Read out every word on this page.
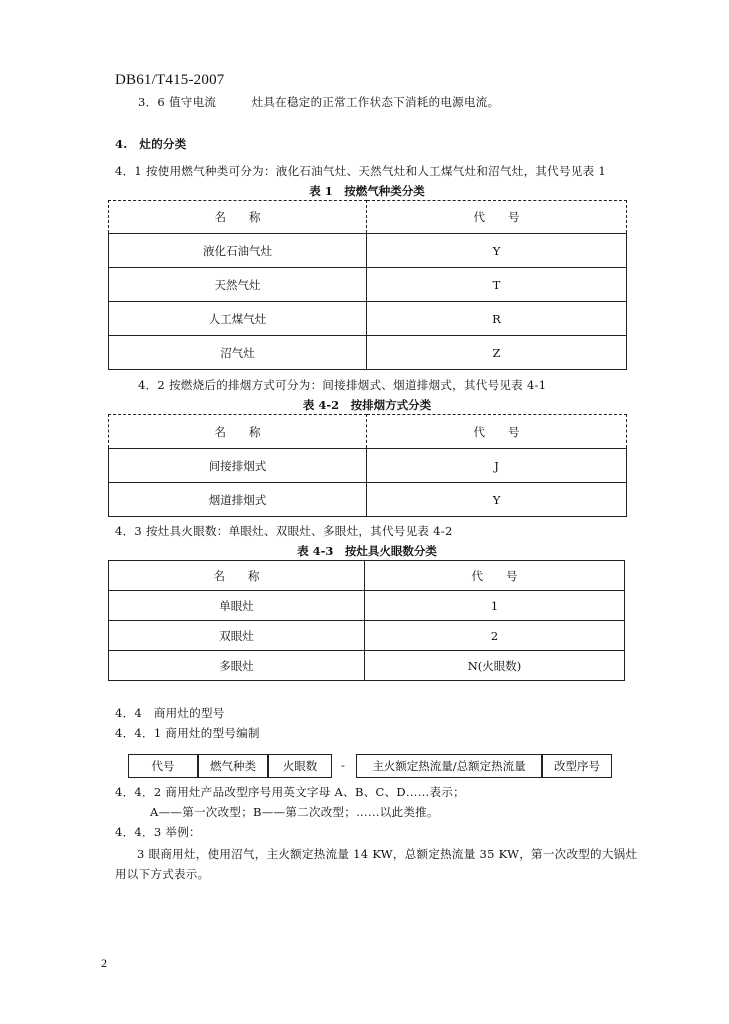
DB61/T415-2007
3．6 值守电流　　　灶具在稳定的正常工作状态下消耗的电源电流。
4.　灶的分类
4．1 按使用燃气种类可分为：液化石油气灶、天然气灶和人工煤气灶和沼气灶，其代号见表 1
表 1　按燃气种类分类
名　　称	代　　号
液化石油气灶	Y
天然气灶	T
人工煤气灶	R
沼气灶	Z
4．2 按燃烧后的排烟方式可分为：间接排烟式、烟道排烟式，其代号见表 4-1
表 4-2　按排烟方式分类
名　　称	代　　号
间接排烟式	J
烟道排烟式	Y
4．3 按灶具火眼数：单眼灶、双眼灶、多眼灶，其代号见表 4-2
表 4-3　按灶具火眼数分类
名　　称	代　　号
单眼灶	1
双眼灶	2
多眼灶	N(火眼数)
4．4　商用灶的型号
4．4．1 商用灶的型号编制
代号	燃气种类	火眼数	-	主火额定热流量/总额定热流量	改型序号
4．4．2 商用灶产品改型序号用英文字母 A、B、C、D……表示；
A——第一次改型；B——第二次改型；……以此类推。
4．4．3 举例：
3 眼商用灶，使用沼气，主火额定热流量 14 KW，总额定热流量 35 KW，第一次改型的大锅灶
用以下方式表示。
2
